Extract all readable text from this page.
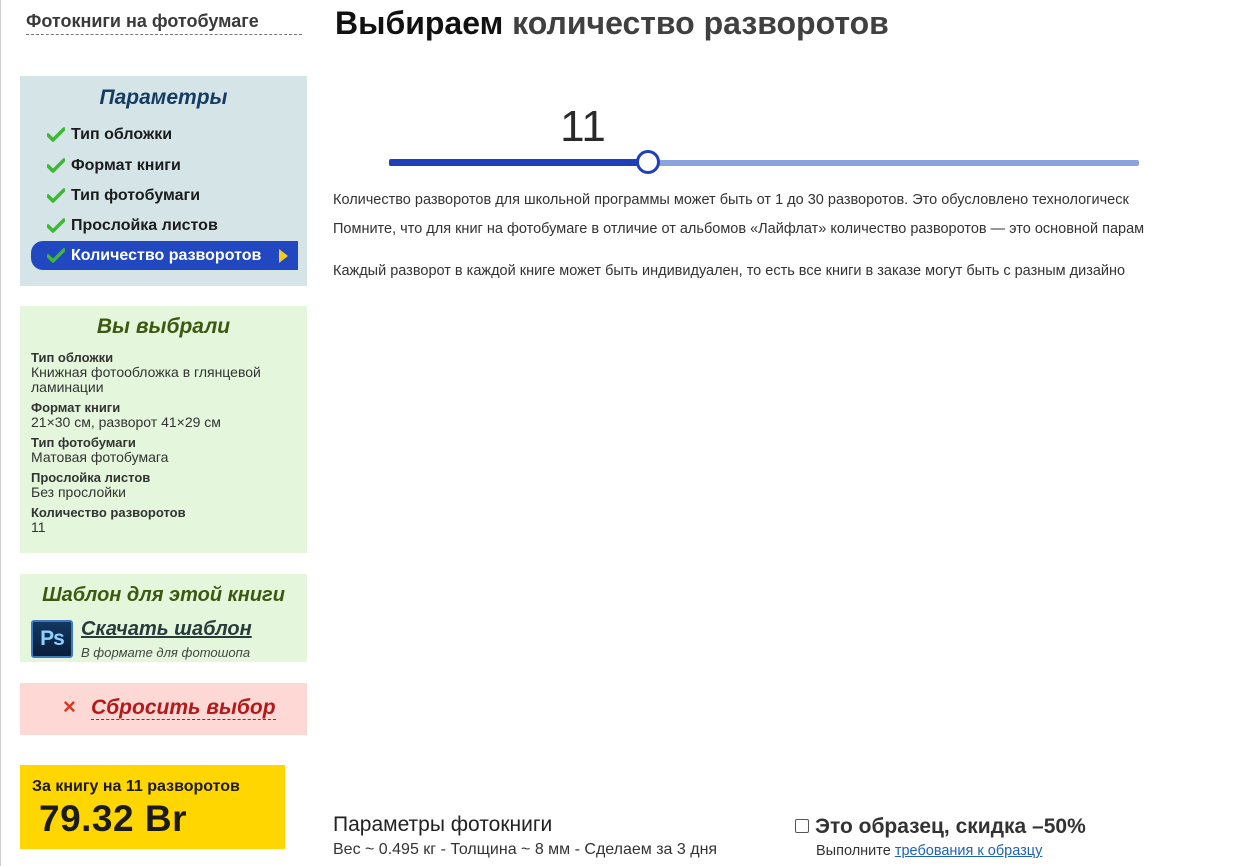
Фотокниги на фотобумаге
Параметры
Тип обложки
Формат книги
Тип фотобумаги
Прослойка листов
Количество разворотов
Вы выбрали
Тип обложки
Книжная фотообложка в глянцевой ламинации
Формат книги
21×30 см, разворот 41×29 см
Тип фотобумаги
Матовая фотобумага
Прослойка листов
Без прослойки
Количество разворотов
11
Шаблон для этой книги
Ps Скачать шаблон
В формате для фотошопа
× Сбросить выбор
За книгу на 11 разворотов
79.32 Br
Выбираем количество разворотов
11
Количество разворотов для школьной программы может быть от 1 до 30 разворотов. Это обусловлено технологическ
Помните, что для книг на фотобумаге в отличие от альбомов «Лайфлат» количество разворотов — это основной парам
Каждый разворот в каждой книге может быть индивидуален, то есть все книги в заказе могут быть с разным дизайно
Параметры фотокниги
Вес ~ 0.495 кг - Толщина ~ 8 мм - Сделаем за 3 дня
Это образец, скидка –50%
Выполните требования к образцу
